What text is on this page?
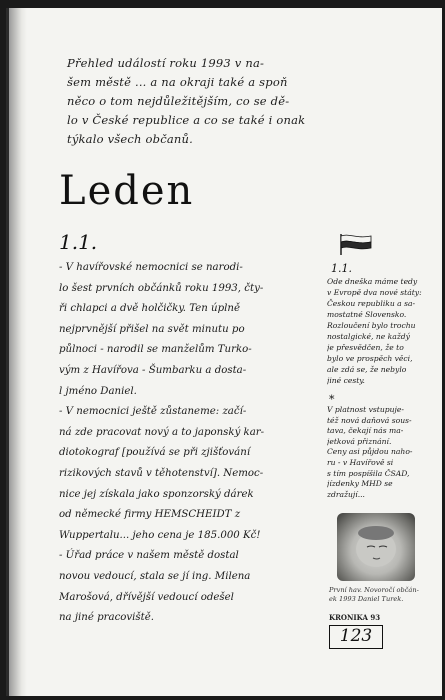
Přehled událostí roku 1993 v na-
šem městě ... a na okraji také a spoň
něco o tom nejdůležitějším, co se dě-
lo v České republice a co se také i onak
týkalo všech občanů.
Leden
1.1.
- V havířovské nemocnici se narodi-
lo šest prvních občánků roku 1993, čty-
ři chlapci a dvě holčičky. Ten úplně
nejprvnější přišel na svět minutu po
půlnoci - narodil se manželům Turko-
vým z Havířova - Šumbarku a dosta-
l jméno Daniel.
- V nemocnici ještě zůstaneme: začí-
ná zde pracovat nový a to japonský kar-
diotokograf [používá se při zjišťování
rizikových stavů v těhotenství]. Nemoc-
nice jej získala jako sponzorský dárek
od německé firmy HEMSCHEIDT z
Wuppertalu... jeho cena je 185.000 Kč!
- Úřad práce v našem městě dostal
novou vedoucí, stala se jí ing. Milena
Marošová, dřívější vedoucí odešel
na jiné pracoviště.
1.1.
Ode dneška máme tedy
v Evropě dva nové státy:
Českou republiku a sa-
mostatné Slovensko.
Rozloučení bylo trochu
nostalgické, ne každý
je přesvědčen, že to
bylo ve prospěch věci,
ale zdá se, že nebylo
jiné cesty.
*
V platnost vstupuje-
též nová daňová sous-
tava, čekají nás ma-
jetková přiznání.
Ceny asi půjdou naho-
ru - v Havířově si
s tím pospíšila ČSAD,
jízdenky MHD se
zdražují...
První hav. Novoročí občán-
ek 1993 Daniel Turek.
KRONIKA 93
123
